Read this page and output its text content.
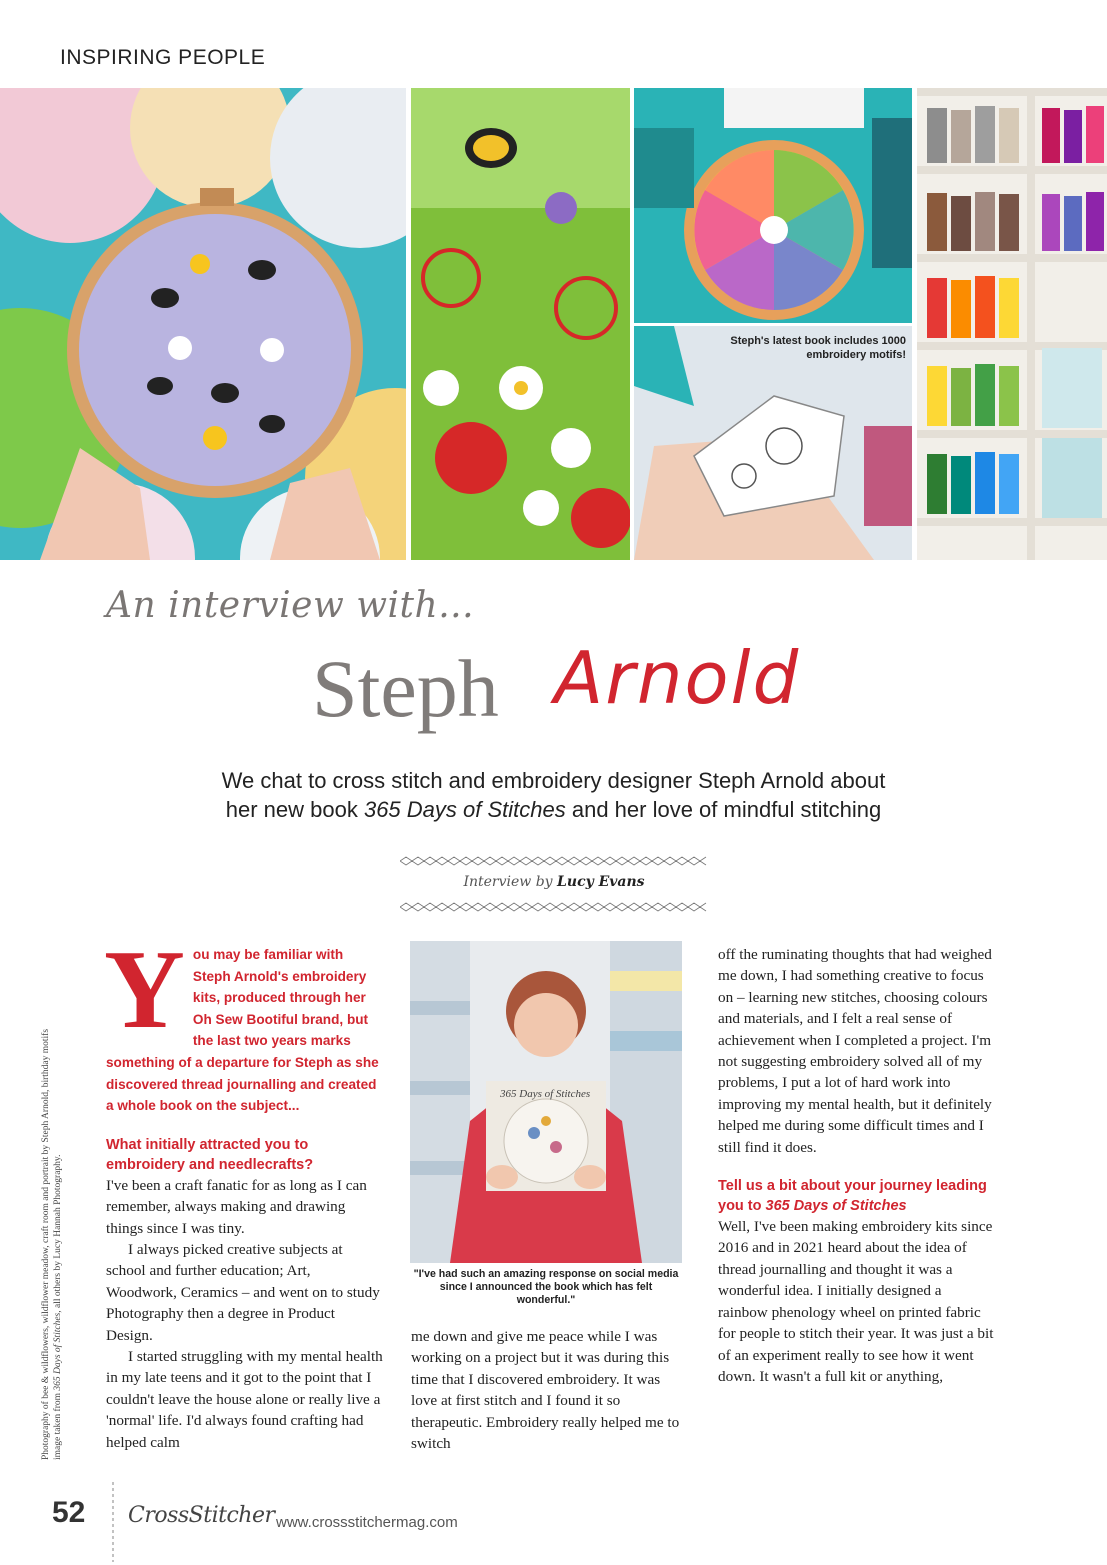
INSPIRING PEOPLE
Steph's latest book includes 1000 embroidery motifs!
An interview with...
Steph Arnold
We chat to cross stitch and embroidery designer Steph Arnold about
her new book 365 Days of Stitches and her love of mindful stitching
Interview by Lucy Evans
Photography of bee & wildflowers, wildflower meadow, craft room and portrait by Steph Arnold, birthday motifs image taken from 365 Days of Stitches, all others by Lucy Hannah Photography.

You may be familiar with Steph Arnold's embroidery kits, produced through her Oh Sew Bootiful brand, but the last two years marks something of a departure for Steph as she discovered thread journalling and created a whole book on the subject...

What initially attracted you to embroidery and needlecrafts?

I've been a craft fanatic for as long as I can remember, always making and drawing things since I was tiny.

I always picked creative subjects at school and further education; Art, Woodwork, Ceramics – and went on to study Photography then a degree in Product Design.

I started struggling with my mental health in my late teens and it got to the point that I couldn't leave the house alone or really live a 'normal' life. I'd always found crafting had helped calm

365 Days of Stitches
"I've had such an amazing response on social media since I announced the book which has felt wonderful."

me down and give me peace while I was working on a project but it was during this time that I discovered embroidery. It was love at first stitch and I found it so therapeutic. Embroidery really helped me to switch

off the ruminating thoughts that had weighed me down, I had something creative to focus on – learning new stitches, choosing colours and materials, and I felt a real sense of achievement when I completed a project. I'm not suggesting embroidery solved all of my problems, I put a lot of hard work into improving my mental health, but it definitely helped me during some difficult times and I still find it does.

Tell us a bit about your journey leading you to 365 Days of Stitches

Well, I've been making embroidery kits since 2016 and in 2021 heard about the idea of thread journalling and thought it was a wonderful idea. I initially designed a rainbow phenology wheel on printed fabric for people to stitch their year. It was just a bit of an experiment really to see how it went down. It wasn't a full kit or anything,

52 CrossStitcher www.crossstitchermag.com
